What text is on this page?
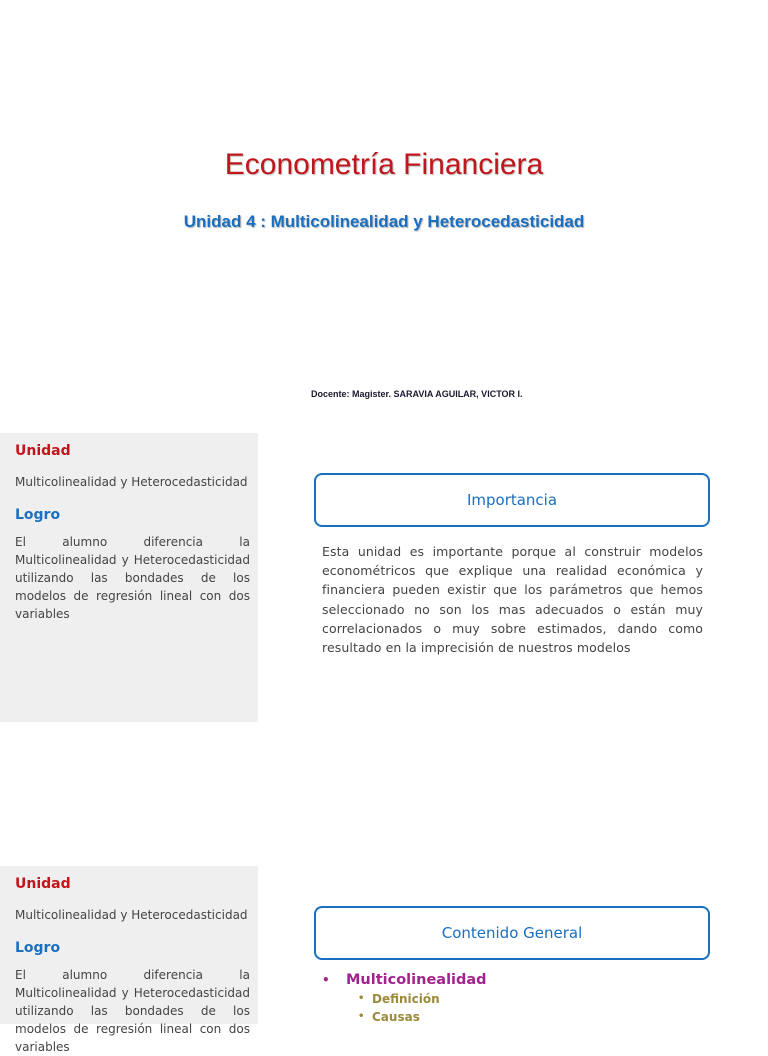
Econometría Financiera
Unidad 4 : Multicolinealidad y Heterocedasticidad
Docente: Magister. SARAVIA AGUILAR, VICTOR I.

Unidad

Multicolinealidad y Heterocedasticidad

Logro

El alumno diferencia la Multicolinealidad y Heterocedasticidad utilizando las bondades de los modelos de regresión lineal con dos variables

Importancia

Esta unidad es importante porque al construir modelos econométricos que explique una realidad económica y financiera pueden existir que los parámetros que hemos seleccionado no son los mas adecuados o están muy correlacionados o muy sobre estimados, dando como resultado en la imprecisión de nuestros modelos

Unidad

Multicolinealidad y Heterocedasticidad

Logro

El alumno diferencia la Multicolinealidad y Heterocedasticidad utilizando las bondades de los modelos de regresión lineal con dos variables

Contenido General
•	Multicolinealidad
• Definición
• Causas
